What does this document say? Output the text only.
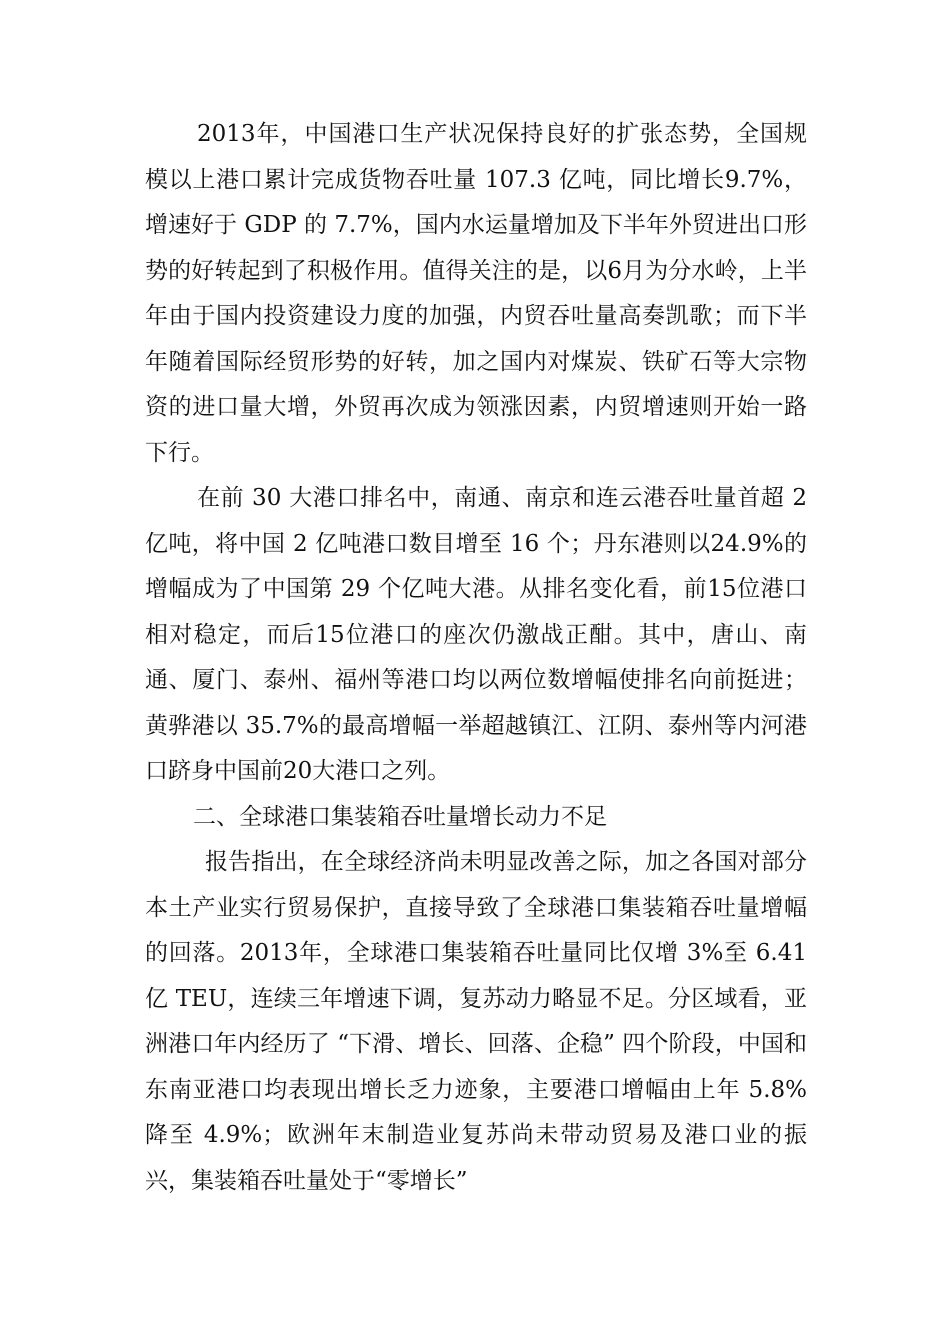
2013年，中国港口生产状况保持良好的扩张态势，全国规模以上港口累计完成货物吞吐量 107.3 亿吨，同比增长9.7%，增速好于 GDP 的 7.7%，国内水运量增加及下半年外贸进出口形势的好转起到了积极作用。值得关注的是，以6月为分水岭，上半年由于国内投资建设力度的加强，内贸吞吐量高奏凯歌；而下半年随着国际经贸形势的好转，加之国内对煤炭、铁矿石等大宗物资的进口量大增，外贸再次成为领涨因素，内贸增速则开始一路下行。

在前 30 大港口排名中，南通、南京和连云港吞吐量首超 2 亿吨，将中国 2 亿吨港口数目增至 16 个；丹东港则以24.9%的增幅成为了中国第 29 个亿吨大港。从排名变化看，前15位港口相对稳定，而后15位港口的座次仍激战正酣。其中，唐山、南通、厦门、泰州、福州等港口均以两位数增幅使排名向前挺进；黄骅港以 35.7%的最高增幅一举超越镇江、江阴、泰州等内河港口跻身中国前20大港口之列。

二、全球港口集装箱吞吐量增长动力不足

报告指出，在全球经济尚未明显改善之际，加之各国对部分本土产业实行贸易保护，直接导致了全球港口集装箱吞吐量增幅的回落。2013年，全球港口集装箱吞吐量同比仅增 3%至 6.41 亿 TEU，连续三年增速下调，复苏动力略显不足。分区域看，亚洲港口年内经历了 “下滑、增长、回落、企稳” 四个阶段，中国和东南亚港口均表现出增长乏力迹象，主要港口增幅由上年 5.8%降至 4.9%；欧洲年末制造业复苏尚未带动贸易及港口业的振兴，集装箱吞吐量处于“零增长”
